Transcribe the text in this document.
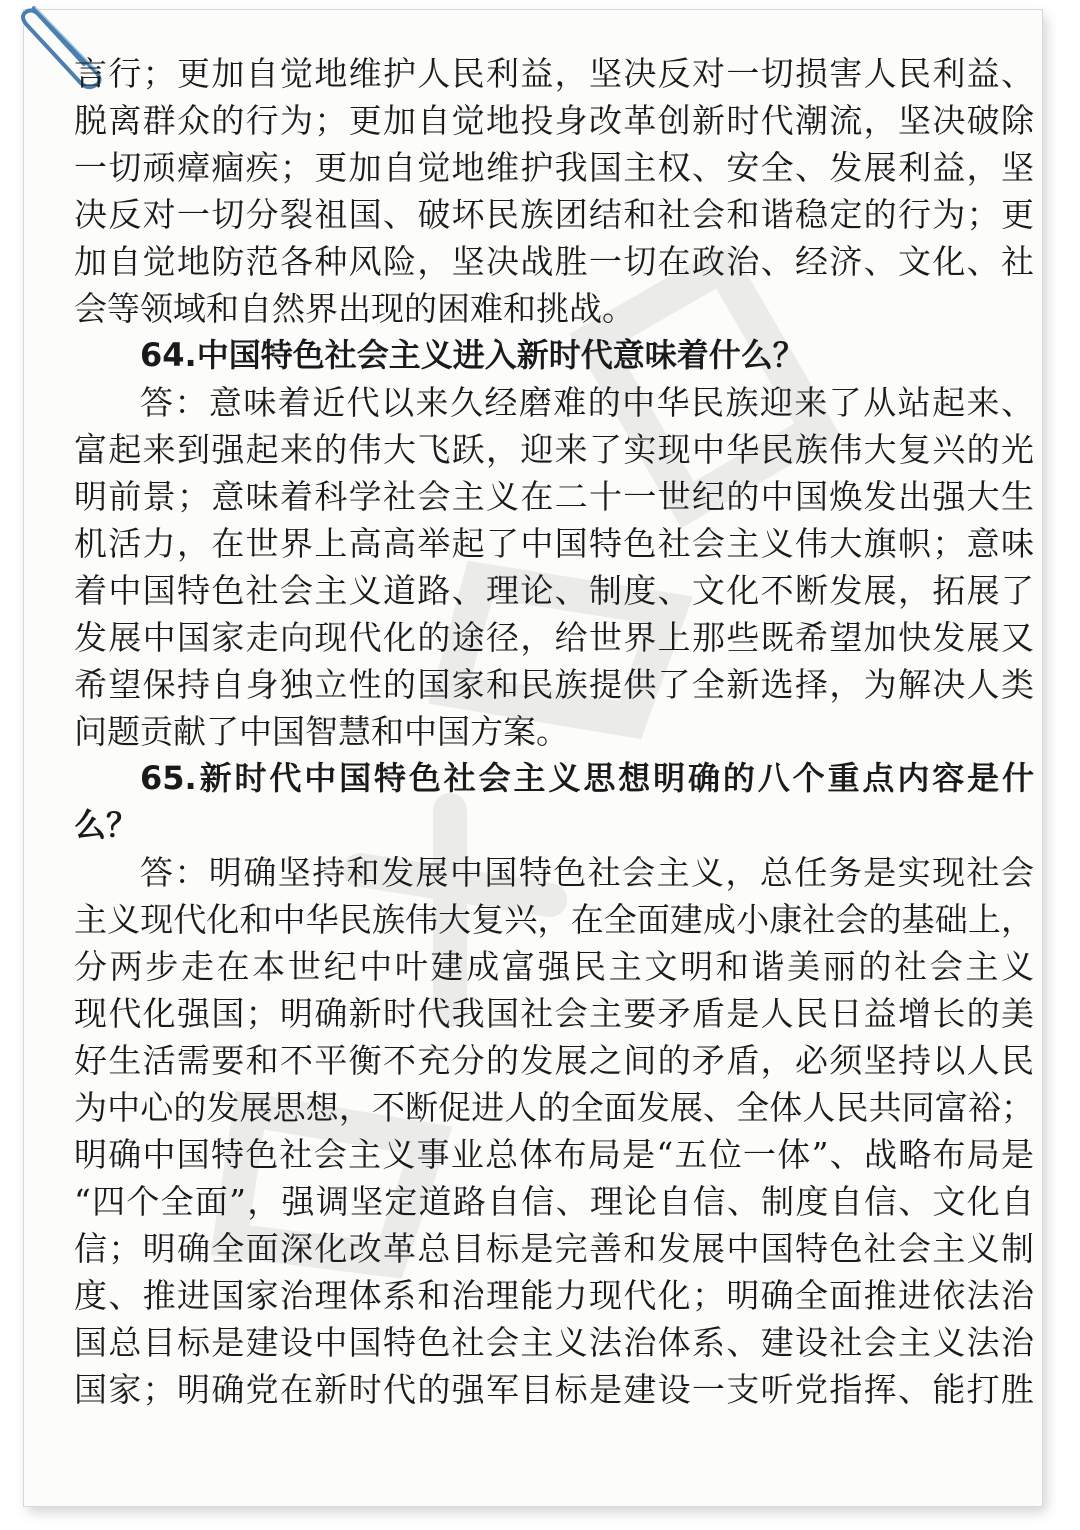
言行；更加自觉地维护人民利益，坚决反对一切损害人民利益、
脱离群众的行为；更加自觉地投身改革创新时代潮流，坚决破除
一切顽瘴痼疾；更加自觉地维护我国主权、安全、发展利益，坚
决反对一切分裂祖国、破坏民族团结和社会和谐稳定的行为；更
加自觉地防范各种风险，坚决战胜一切在政治、经济、文化、社
会等领域和自然界出现的困难和挑战。
64.中国特色社会主义进入新时代意味着什么？
答：意味着近代以来久经磨难的中华民族迎来了从站起来、
富起来到强起来的伟大飞跃，迎来了实现中华民族伟大复兴的光
明前景；意味着科学社会主义在二十一世纪的中国焕发出强大生
机活力，在世界上高高举起了中国特色社会主义伟大旗帜；意味
着中国特色社会主义道路、理论、制度、文化不断发展，拓展了
发展中国家走向现代化的途径，给世界上那些既希望加快发展又
希望保持自身独立性的国家和民族提供了全新选择，为解决人类
问题贡献了中国智慧和中国方案。
65.新时代中国特色社会主义思想明确的八个重点内容是什
么？
答：明确坚持和发展中国特色社会主义，总任务是实现社会
主义现代化和中华民族伟大复兴，在全面建成小康社会的基础上，
分两步走在本世纪中叶建成富强民主文明和谐美丽的社会主义
现代化强国；明确新时代我国社会主要矛盾是人民日益增长的美
好生活需要和不平衡不充分的发展之间的矛盾，必须坚持以人民
为中心的发展思想，不断促进人的全面发展、全体人民共同富裕；
明确中国特色社会主义事业总体布局是“五位一体”、战略布局是
“四个全面”，强调坚定道路自信、理论自信、制度自信、文化自
信；明确全面深化改革总目标是完善和发展中国特色社会主义制
度、推进国家治理体系和治理能力现代化；明确全面推进依法治
国总目标是建设中国特色社会主义法治体系、建设社会主义法治
国家；明确党在新时代的强军目标是建设一支听党指挥、能打胜
